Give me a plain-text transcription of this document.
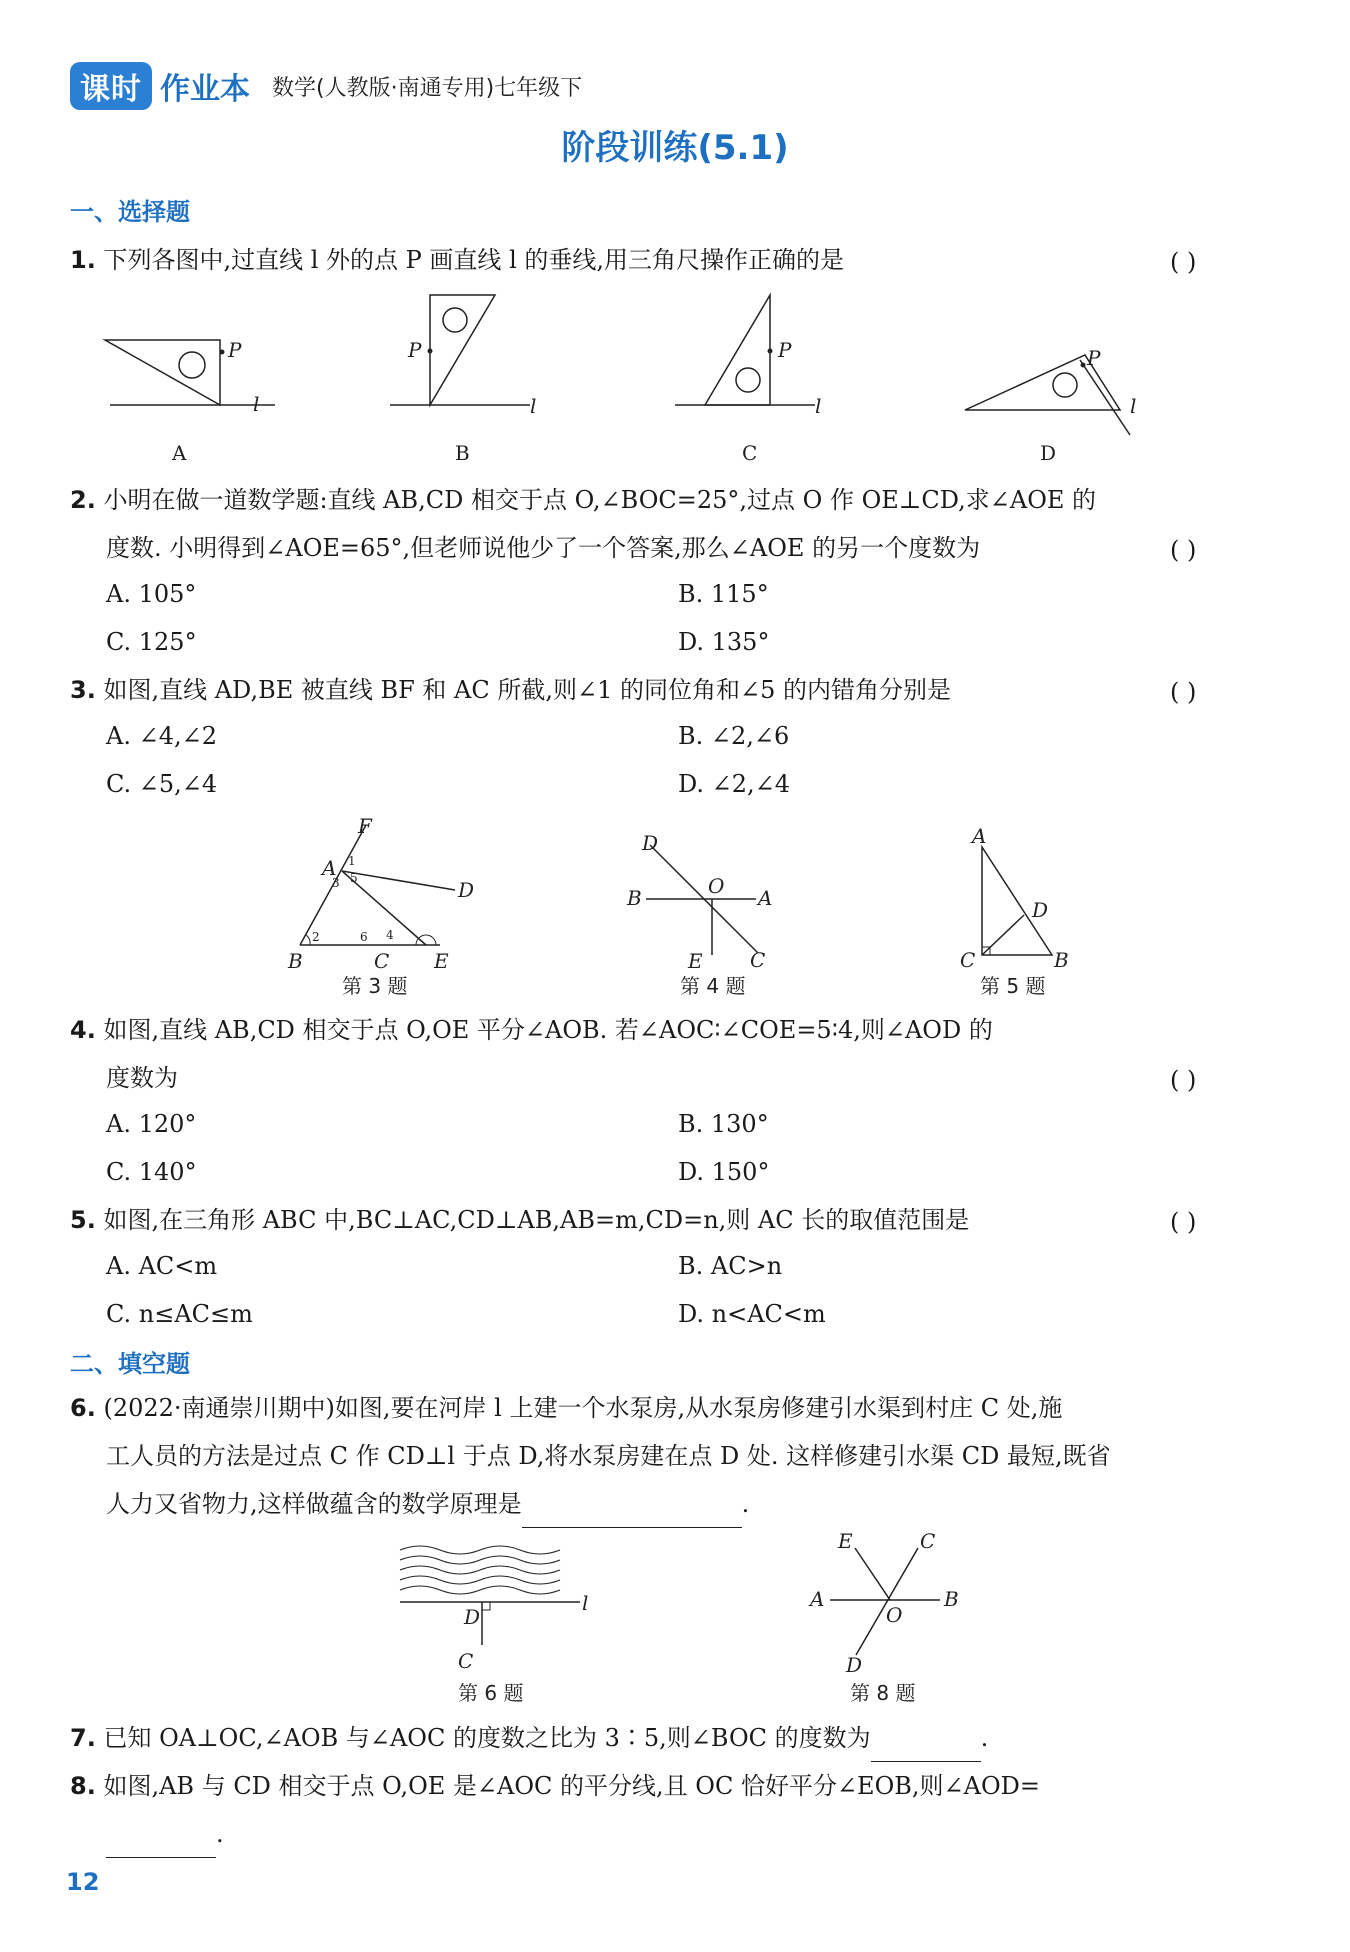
课时 作业本 数学(人教版·南通专用)七年级下
阶段训练(5.1)
一、选择题
1. 下列各图中,过直线 l 外的点 P 画直线 l 的垂线,用三角尺操作正确的是	( )
P
l
A
P
l
B
P
l
C
P
l
D
2. 小明在做一道数学题:直线 AB,CD 相交于点 O,∠BOC=25°,过点 O 作 OE⊥CD,求∠AOE 的
度数. 小明得到∠AOE=65°,但老师说他少了一个答案,那么∠AOE 的另一个度数为	( )
A. 105°	B. 115°
C. 125°	D. 135°
3. 如图,直线 AD,BE 被直线 BF 和 AC 所截,则∠1 的同位角和∠5 的内错角分别是	( )
A. ∠4,∠2	B. ∠2,∠6
C. ∠5,∠4	D. ∠2,∠4
F
A
D
B	C E
1
2
3
4
5
6
第 3 题
D
B	O A
E C
第 4 题
A
D
C	B
第 5 题
4. 如图,直线 AB,CD 相交于点 O,OE 平分∠AOB. 若∠AOC∶∠COE=5∶4,则∠AOD 的
度数为	( )
A. 120°	B. 130°
C. 140°	D. 150°
5. 如图,在三角形 ABC 中,BC⊥AC,CD⊥AB,AB=m,CD=n,则 AC 长的取值范围是	( )
A. AC<m	B. AC>n
C. n≤AC≤m	D. n<AC<m
二、填空题
6. (2022·南通崇川期中)如图,要在河岸 l 上建一个水泵房,从水泵房修建引水渠到村庄 C 处,施
工人员的方法是过点 C 作 CD⊥l 于点 D,将水泵房建在点 D 处. 这样修建引水渠 CD 最短,既省
人力又省物力,这样做蕴含的数学原理是	.
D
C
l
第 6 题
E	C
A	B
O
D
第 8 题
7. 已知 OA⊥OC,∠AOB 与∠AOC 的度数之比为 3∶5,则∠BOC 的度数为	.
8. 如图,AB 与 CD 相交于点 O,OE 是∠AOC 的平分线,且 OC 恰好平分∠EOB,则∠AOD=
.
12
